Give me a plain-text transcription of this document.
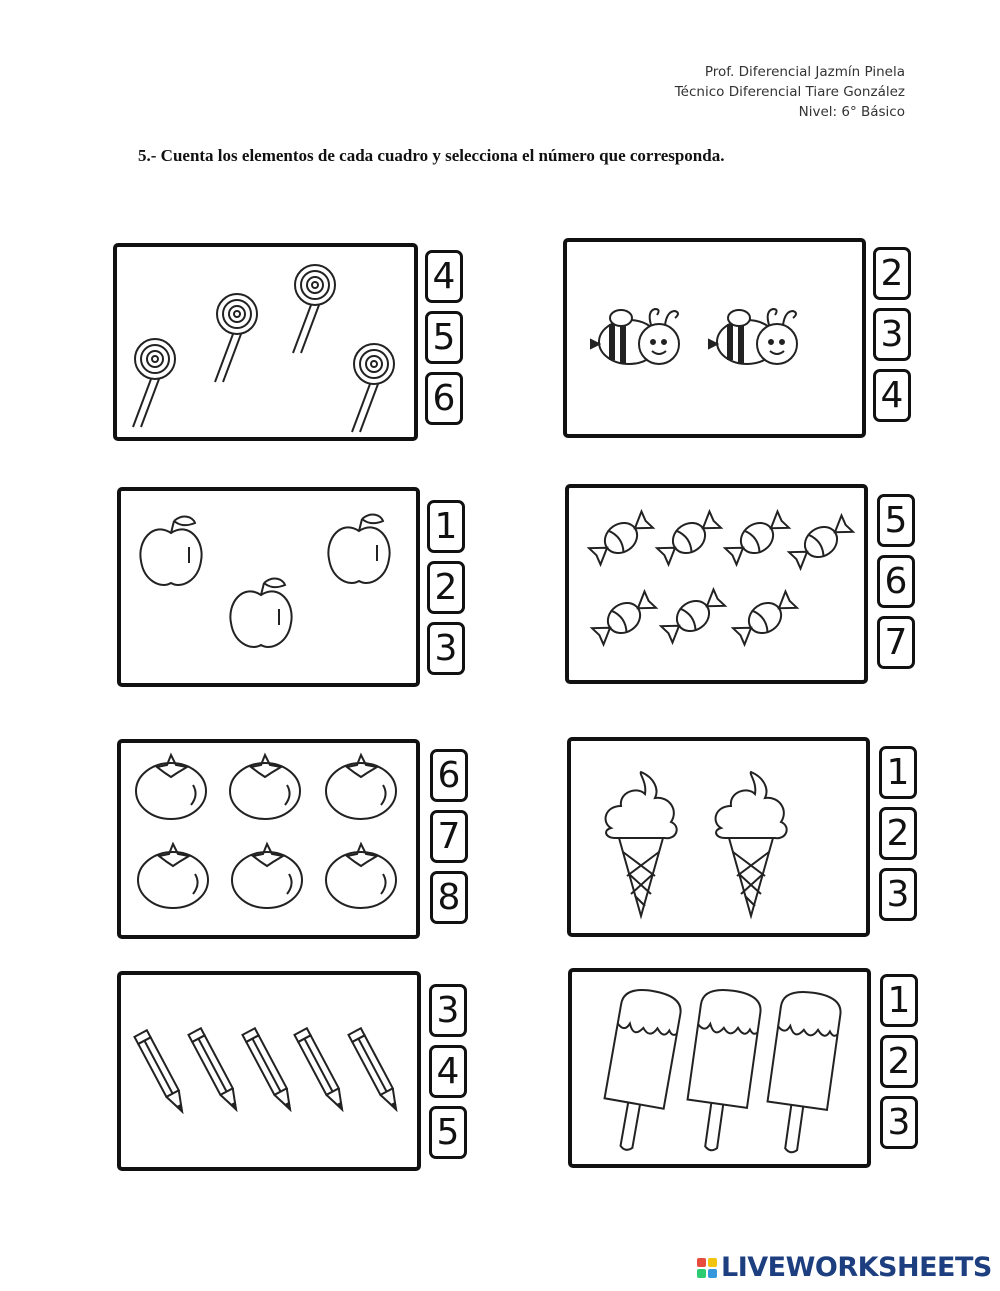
Prof. Diferencial Jazmín Pinela
Técnico Diferencial Tiare González
Nivel: 6° Básico
5.- Cuenta los elementos de cada cuadro y selecciona el número que corresponda.
4
5
6
2
3
4
1
2
3
5
6
7
6
7
8
1
2
3
3
4
5
1
2
3
LIVEWORKSHEETS
